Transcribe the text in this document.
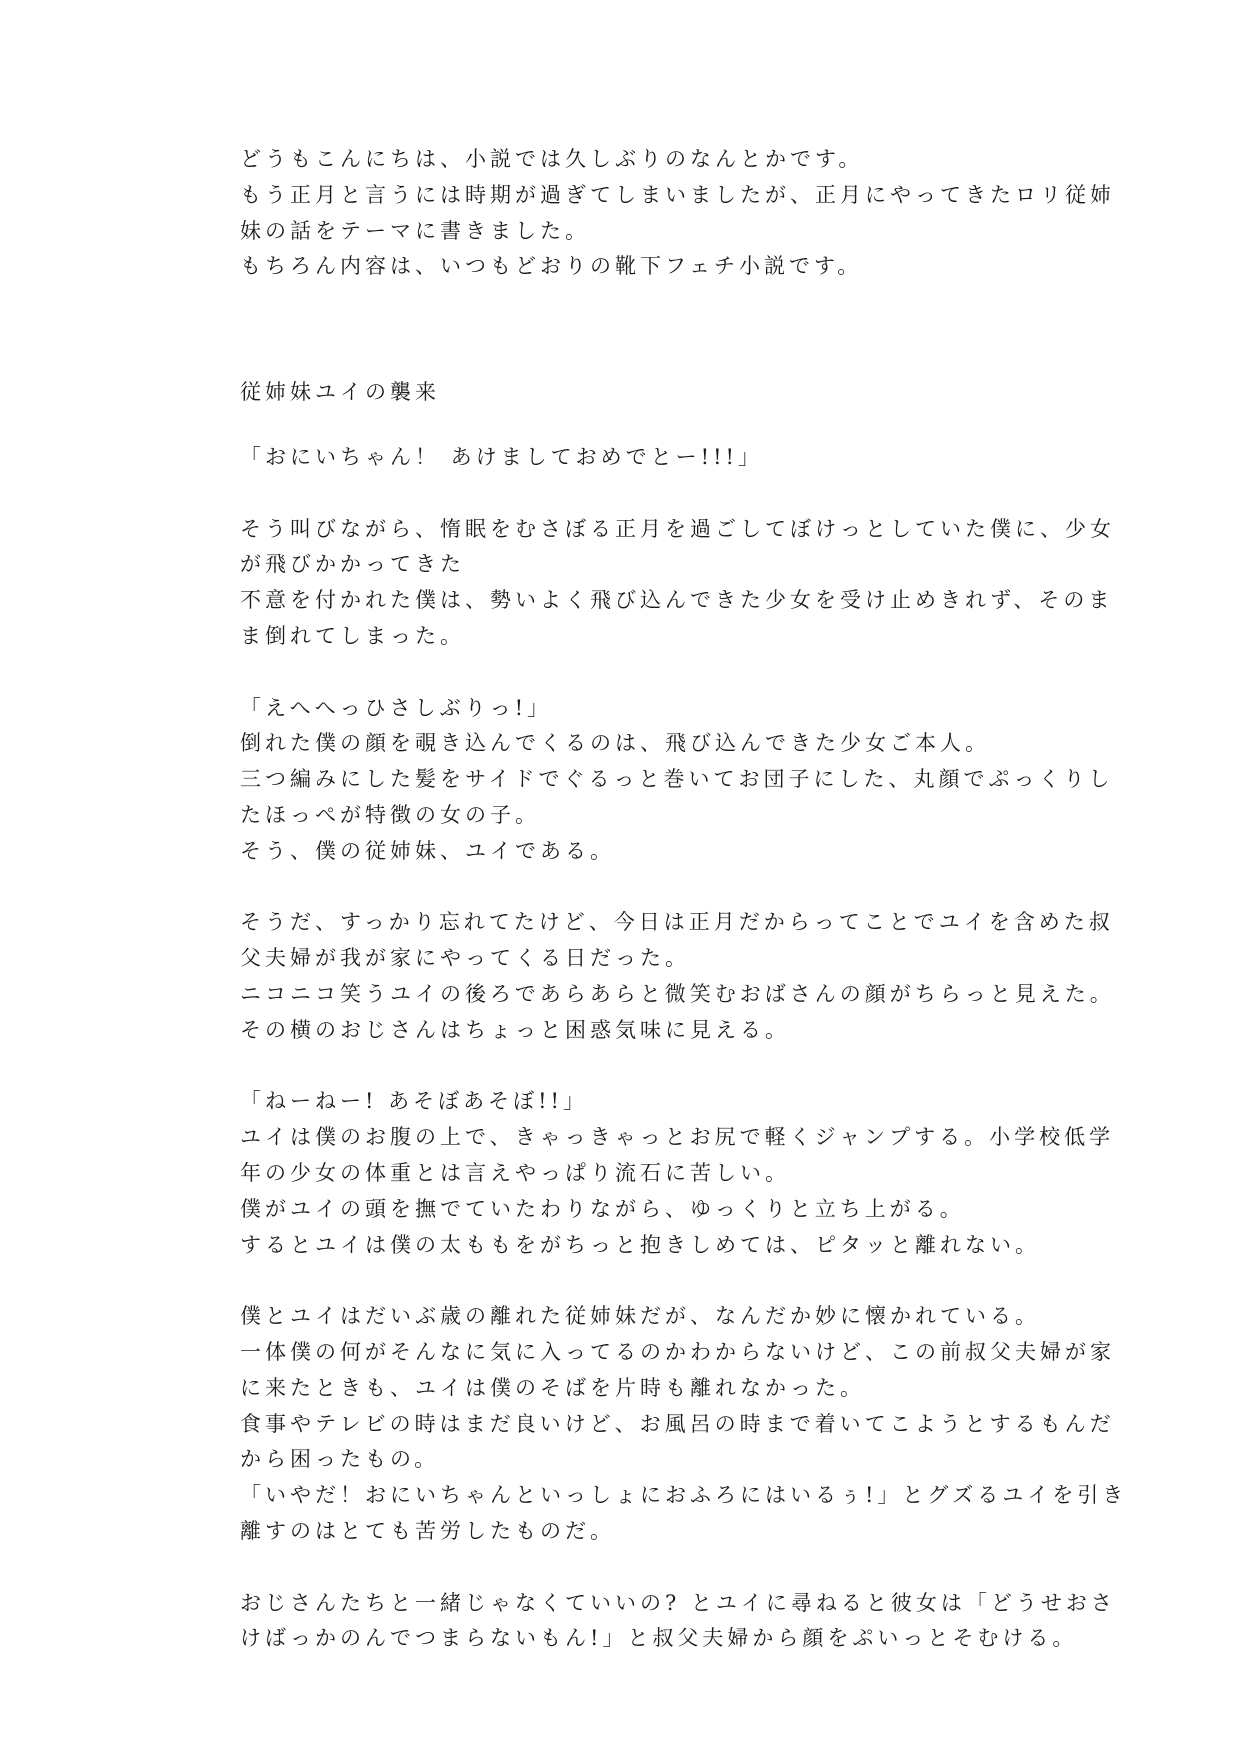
どうもこんにちは、小説では久しぶりのなんとかです。
もう正月と言うには時期が過ぎてしまいましたが、正月にやってきたロリ従姉
妹の話をテーマに書きました。
もちろん内容は、いつもどおりの靴下フェチ小説です。
従姉妹ユイの襲来
「おにいちゃん！ あけましておめでとー!!!」
そう叫びながら、惰眠をむさぼる正月を過ごしてぼけっとしていた僕に、少女
が飛びかかってきた
不意を付かれた僕は、勢いよく飛び込んできた少女を受け止めきれず、そのま
ま倒れてしまった。
「えへへっひさしぶりっ!」
倒れた僕の顔を覗き込んでくるのは、飛び込んできた少女ご本人。
三つ編みにした髪をサイドでぐるっと巻いてお団子にした、丸顔でぷっくりし
たほっぺが特徴の女の子。
そう、僕の従姉妹、ユイである。
そうだ、すっかり忘れてたけど、今日は正月だからってことでユイを含めた叔
父夫婦が我が家にやってくる日だった。
ニコニコ笑うユイの後ろであらあらと微笑むおばさんの顔がちらっと見えた。
その横のおじさんはちょっと困惑気味に見える。
「ねーねー! あそぼあそぼ!!」
ユイは僕のお腹の上で、きゃっきゃっとお尻で軽くジャンプする。小学校低学
年の少女の体重とは言えやっぱり流石に苦しい。
僕がユイの頭を撫でていたわりながら、ゆっくりと立ち上がる。
するとユイは僕の太ももをがちっと抱きしめては、ピタッと離れない。
僕とユイはだいぶ歳の離れた従姉妹だが、なんだか妙に懐かれている。
一体僕の何がそんなに気に入ってるのかわからないけど、この前叔父夫婦が家
に来たときも、ユイは僕のそばを片時も離れなかった。
食事やテレビの時はまだ良いけど、お風呂の時まで着いてこようとするもんだ
から困ったもの。
「いやだ！おにいちゃんといっしょにおふろにはいるぅ!」とグズるユイを引き
離すのはとても苦労したものだ。
おじさんたちと一緒じゃなくていいの? とユイに尋ねると彼女は「どうせおさ
けばっかのんでつまらないもん!」と叔父夫婦から顔をぷいっとそむける。
